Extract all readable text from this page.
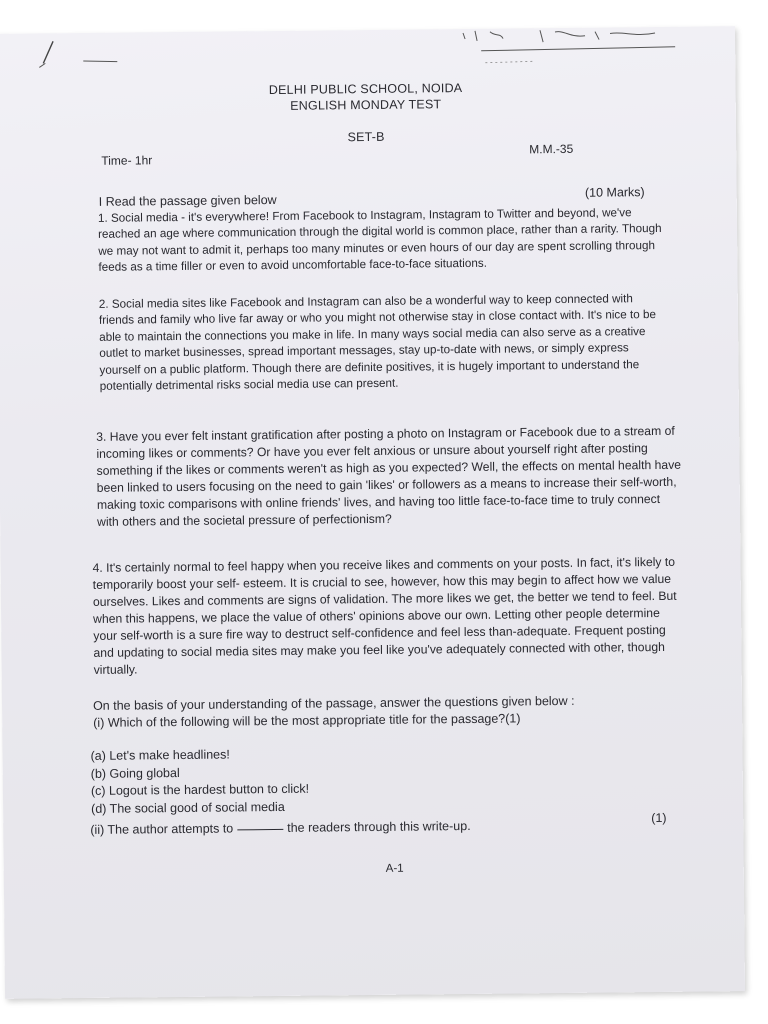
DELHI PUBLIC SCHOOL, NOIDA
ENGLISH MONDAY TEST
SET-B
Time- 1hr
M.M.-35
I Read the passage given below
(10 Marks)

1. Social media - it's everywhere! From Facebook to Instagram, Instagram to Twitter and beyond, we've reached an age where communication through the digital world is common place, rather than a rarity. Though we may not want to admit it, perhaps too many minutes or even hours of our day are spent scrolling through feeds as a time filler or even to avoid uncomfortable face-to-face situations.

2. Social media sites like Facebook and Instagram can also be a wonderful way to keep connected with friends and family who live far away or who you might not otherwise stay in close contact with. It's nice to be able to maintain the connections you make in life. In many ways social media can also serve as a creative outlet to market businesses, spread important messages, stay up-to-date with news, or simply express yourself on a public platform. Though there are definite positives, it is hugely important to understand the potentially detrimental risks social media use can present.

3. Have you ever felt instant gratification after posting a photo on Instagram or Facebook due to a stream of incoming likes or comments? Or have you ever felt anxious or unsure about yourself right after posting something if the likes or comments weren't as high as you expected? Well, the effects on mental health have been linked to users focusing on the need to gain 'likes' or followers as a means to increase their self-worth, making toxic comparisons with online friends' lives, and having too little face-to-face time to truly connect with others and the societal pressure of perfectionism?

4. It's certainly normal to feel happy when you receive likes and comments on your posts. In fact, it's likely to temporarily boost your self- esteem. It is crucial to see, however, how this may begin to affect how we value ourselves. Likes and comments are signs of validation. The more likes we get, the better we tend to feel. But when this happens, we place the value of others' opinions above our own. Letting other people determine your self-worth is a sure fire way to destruct self-confidence and feel less than-adequate. Frequent posting and updating to social media sites may make you feel like you've adequately connected with other, though virtually.

On the basis of your understanding of the passage, answer the questions given below :
(i) Which of the following will be the most appropriate title for the passage?(1)
(a) Let's make headlines!
(b) Going global
(c) Logout is the hardest button to click!
(d) The social good of social media
(ii) The author attempts to	the readers through this write-up.
(1)
A-1
